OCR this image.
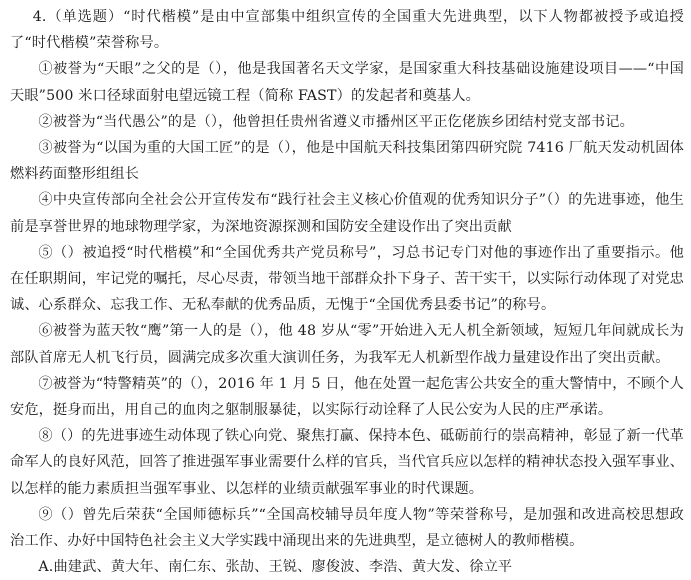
4.（单选题）“时代楷模”是由中宣部集中组织宣传的全国重大先进典型，以下人物都被授予或追授了“时代楷模”荣誉称号。

①被誉为“天眼”之父的是（），他是我国著名天文学家，是国家重大科技基础设施建设项目——“中国天眼”500 米口径球面射电望远镜工程（简称 FAST）的发起者和奠基人。

②被誉为“当代愚公”的是（），他曾担任贵州省遵义市播州区平正仡佬族乡团结村党支部书记。

③被誉为“以国为重的大国工匠”的是（），他是中国航天科技集团第四研究院 7416 厂航天发动机固体燃料药面整形组组长

④中央宣传部向全社会公开宣传发布“践行社会主义核心价值观的优秀知识分子”（）的先进事迹，他生前是享誉世界的地球物理学家，为深地资源探测和国防安全建设作出了突出贡献

⑤（）被追授“时代楷模”和“全国优秀共产党员称号”，习总书记专门对他的事迹作出了重要指示。他在任职期间，牢记党的嘱托，尽心尽责，带领当地干部群众扑下身子、苦干实干，以实际行动体现了对党忠诚、心系群众、忘我工作、无私奉献的优秀品质，无愧于“全国优秀县委书记”的称号。

⑥被誉为蓝天牧“鹰”第一人的是（），他 48 岁从“零”开始进入无人机全新领域，短短几年间就成长为部队首席无人机飞行员，圆满完成多次重大演训任务，为我军无人机新型作战力量建设作出了突出贡献。

⑦被誉为“特警精英”的（），2016 年 1 月 5 日，他在处置一起危害公共安全的重大警情中，不顾个人安危，挺身而出，用自己的血肉之躯制服暴徒，以实际行动诠释了人民公安为人民的庄严承诺。

⑧（）的先进事迹生动体现了铁心向党、聚焦打赢、保持本色、砥砺前行的崇高精神，彰显了新一代革命军人的良好风范，回答了推进强军事业需要什么样的官兵，当代官兵应以怎样的精神状态投入强军事业、以怎样的能力素质担当强军事业、以怎样的业绩贡献强军事业的时代课题。

⑨（）曾先后荣获“全国师德标兵”“全国高校辅导员年度人物”等荣誉称号，是加强和改进高校思想政治工作、办好中国特色社会主义大学实践中涌现出来的先进典型，是立德树人的教师楷模。

A.曲建武、黄大年、南仁东、张劼、王锐、廖俊波、李浩、黄大发、徐立平
